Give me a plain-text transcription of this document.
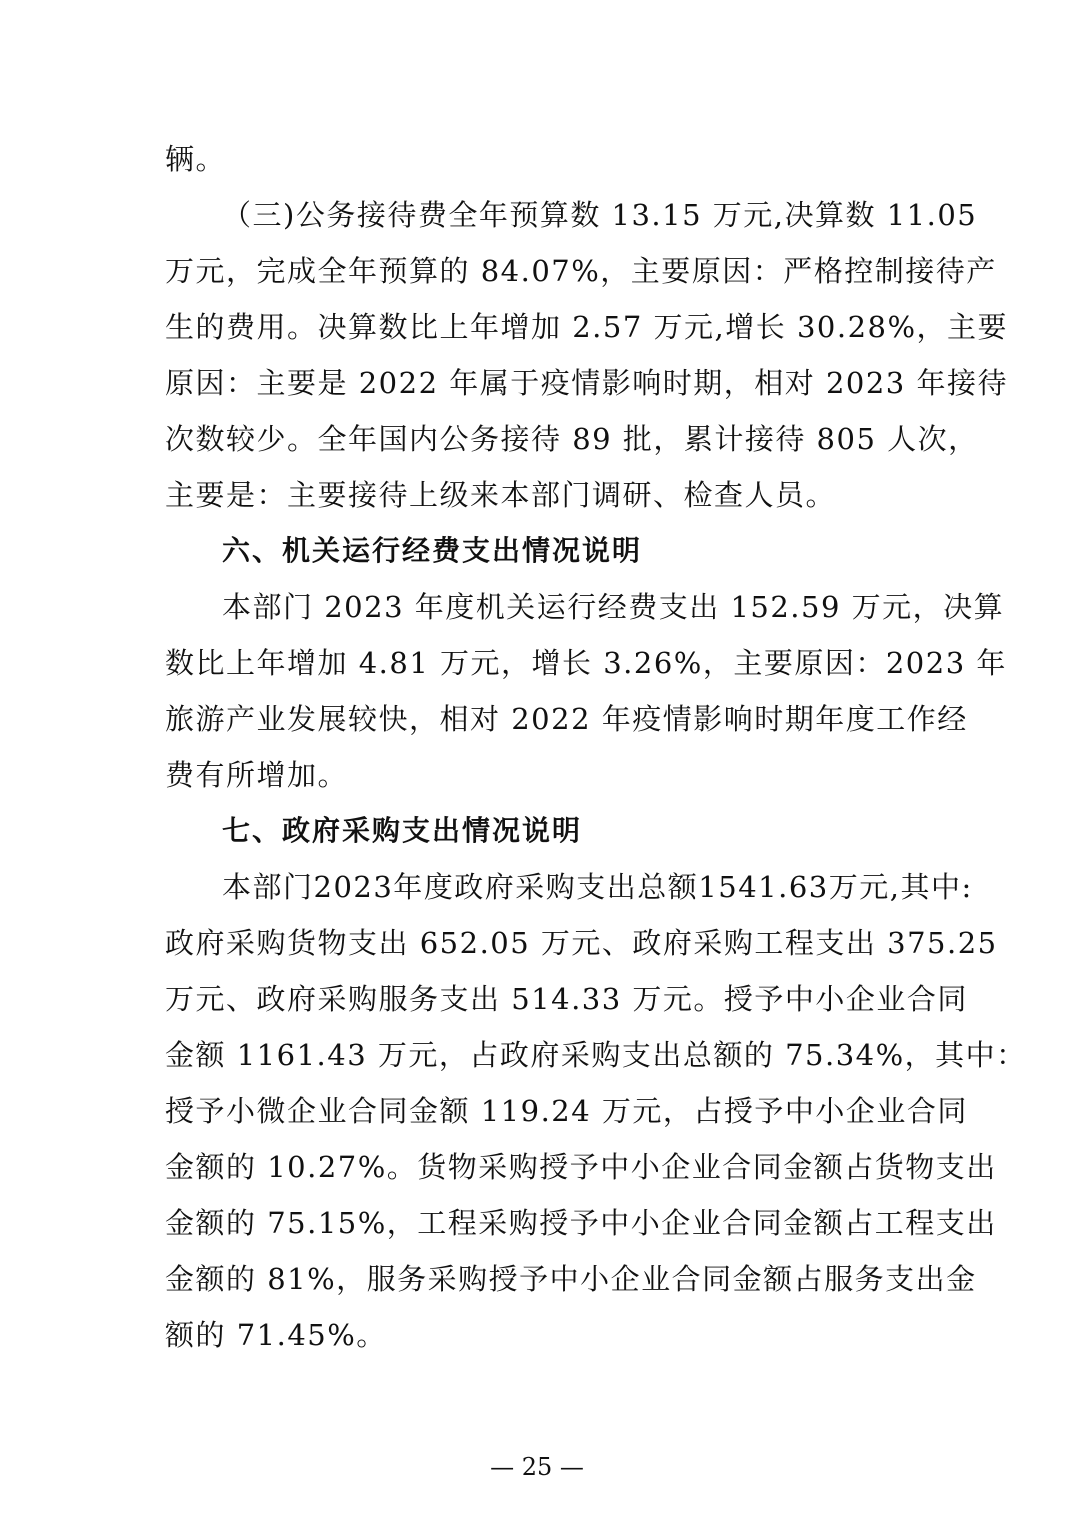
辆。
（三)公务接待费全年预算数 13.15 万元,决算数 11.05
万元，完成全年预算的 84.07%，主要原因：严格控制接待产
生的费用。决算数比上年增加 2.57 万元,增长 30.28%，主要
原因：主要是 2022 年属于疫情影响时期，相对 2023 年接待
次数较少。全年国内公务接待 89 批，累计接待 805 人次，
主要是：主要接待上级来本部门调研、检查人员。
六、机关运行经费支出情况说明
本部门 2023 年度机关运行经费支出 152.59 万元，决算
数比上年增加 4.81 万元，增长 3.26%，主要原因：2023 年
旅游产业发展较快，相对 2022 年疫情影响时期年度工作经
费有所增加。
七、政府采购支出情况说明
本部门2023年度政府采购支出总额1541.63万元,其中:
政府采购货物支出 652.05 万元、政府采购工程支出 375.25
万元、政府采购服务支出 514.33 万元。授予中小企业合同
金额 1161.43 万元，占政府采购支出总额的 75.34%，其中：
授予小微企业合同金额 119.24 万元，占授予中小企业合同
金额的 10.27%。货物采购授予中小企业合同金额占货物支出
金额的 75.15%，工程采购授予中小企业合同金额占工程支出
金额的 81%，服务采购授予中小企业合同金额占服务支出金
额的 71.45%。
— 25 —
